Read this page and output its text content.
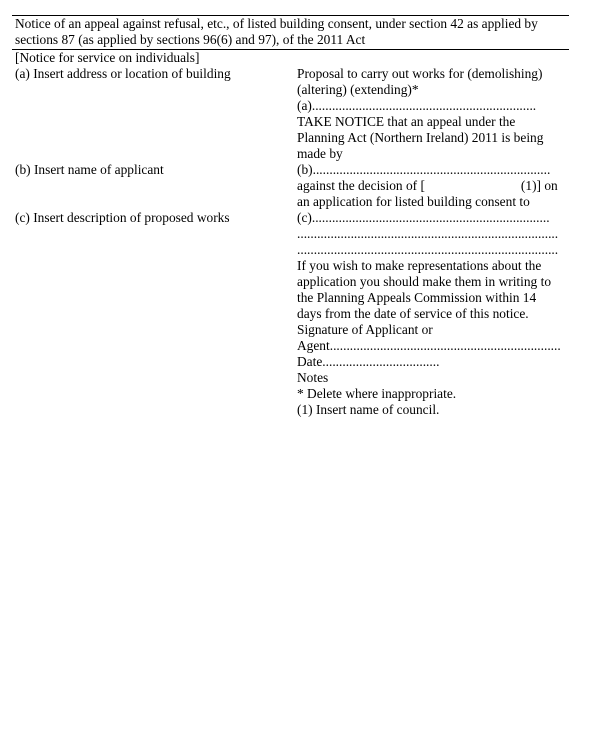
Notice of an appeal against refusal, etc., of listed building consent, under section 42 as applied by sections 87 (as applied by sections 96(6) and 97), of the 2011 Act
[Notice for service on individuals]
(a) Insert address or location of building
(b) Insert name of applicant
(c) Insert description of proposed works
Proposal to carry out works for (demolishing)
(altering) (extending)*
(a)...................................................................
TAKE NOTICE that an appeal under the
Planning Act (Northern Ireland) 2011 is being
made by
(b).......................................................................
against the decision of [	(1)] on
an application for listed building consent to
(c).......................................................................
..............................................................................
..............................................................................
If you wish to make representations about the
application you should make them in writing to
the Planning Appeals Commission within 14
days from the date of service of this notice.
Signature of Applicant or
Agent.....................................................................
Date...................................
Notes
* Delete where inappropriate.
(1) Insert name of council.
